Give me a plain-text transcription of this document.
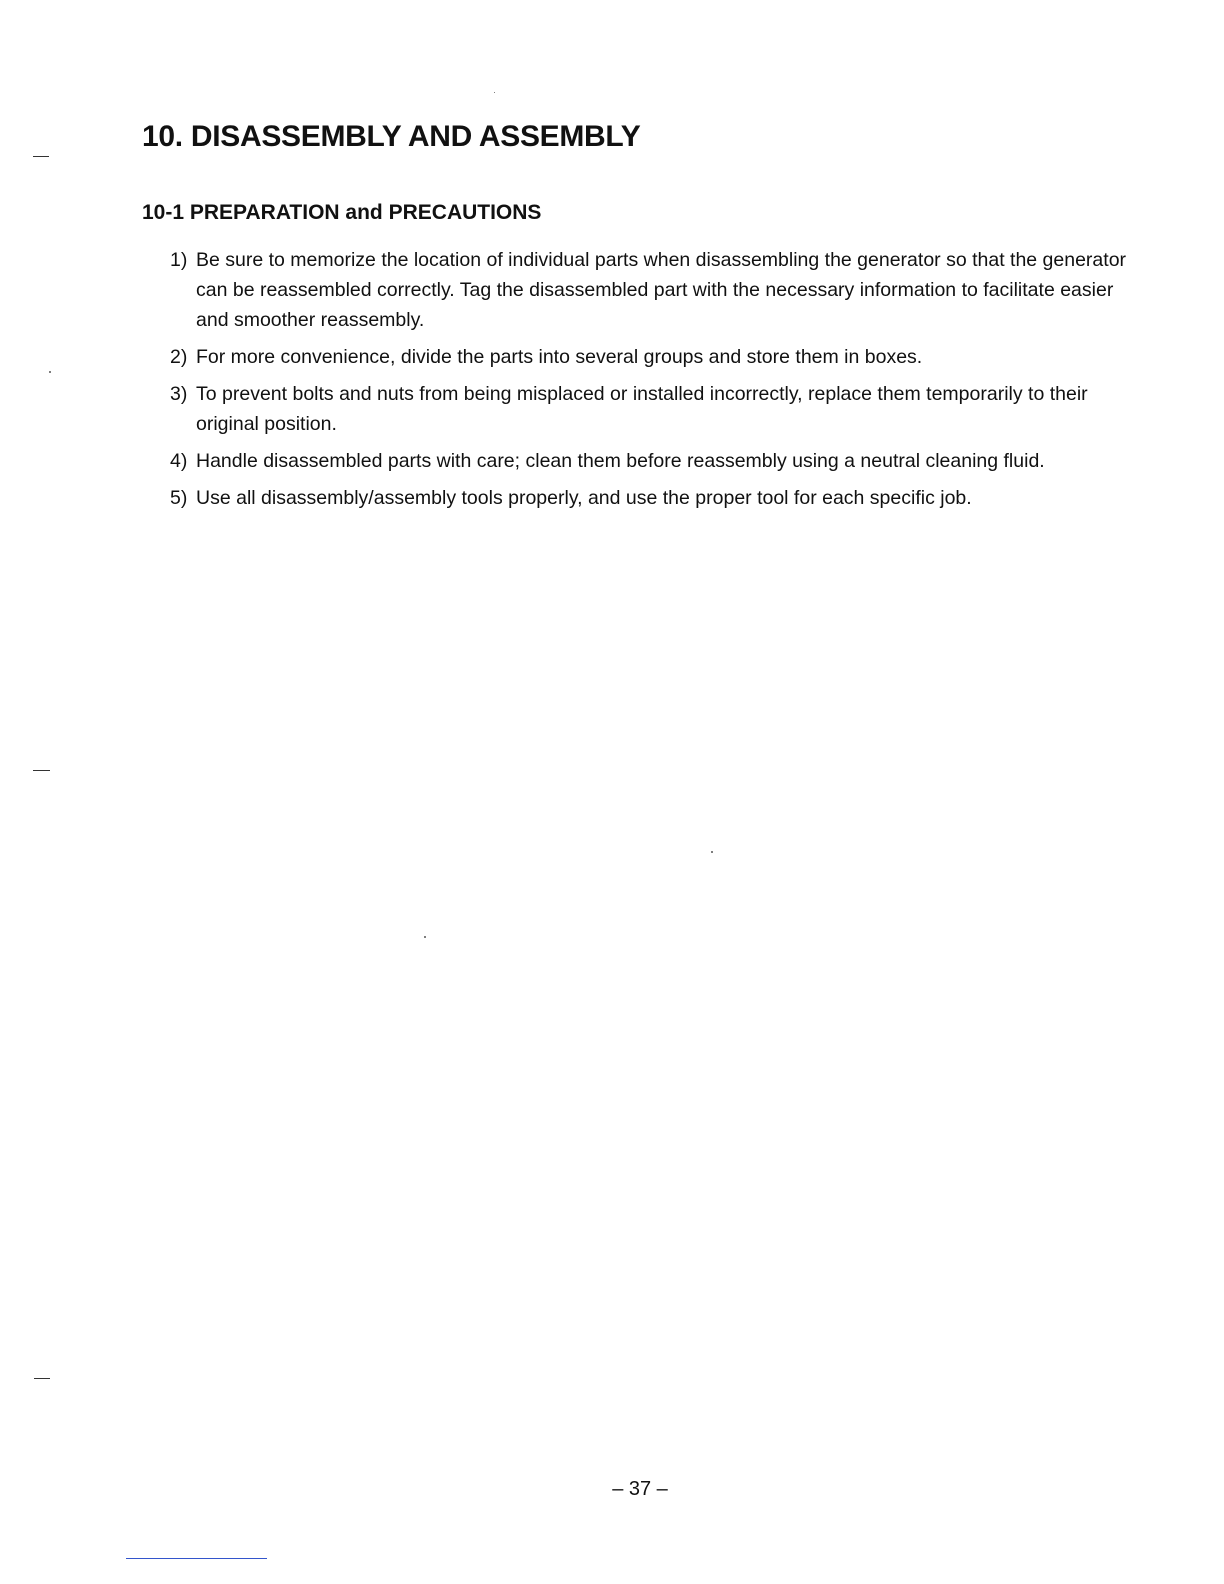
10. DISASSEMBLY AND ASSEMBLY
10-1 PREPARATION and PRECAUTIONS
1) Be sure to memorize the location of individual parts when disassembling the generator so that the generator can be reassembled correctly. Tag the disassembled part with the necessary information to facilitate easier and smoother reassembly.
2) For more convenience, divide the parts into several groups and store them in boxes.
3) To prevent bolts and nuts from being misplaced or installed incorrectly, replace them temporarily to their original position.
4) Handle disassembled parts with care; clean them before reassembly using a neutral cleaning fluid.
5) Use all disassembly/assembly tools properly, and use the proper tool for each specific job.
– 37 –
